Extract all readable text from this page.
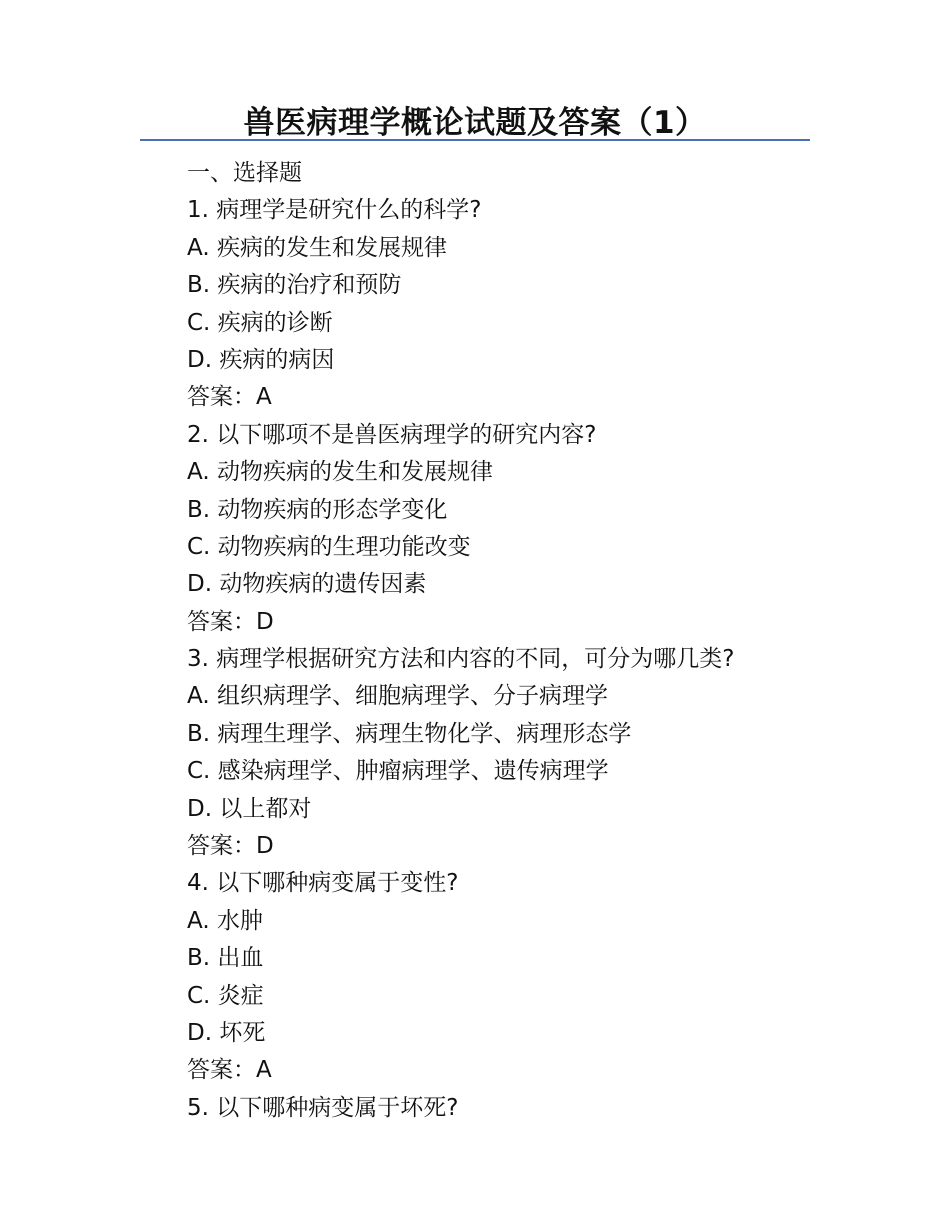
兽医病理学概论试题及答案（1）
一、选择题
1. 病理学是研究什么的科学?
A. 疾病的发生和发展规律
B. 疾病的治疗和预防
C. 疾病的诊断
D. 疾病的病因
答案：A
2. 以下哪项不是兽医病理学的研究内容?
A. 动物疾病的发生和发展规律
B. 动物疾病的形态学变化
C. 动物疾病的生理功能改变
D. 动物疾病的遗传因素
答案：D
3. 病理学根据研究方法和内容的不同，可分为哪几类?
A. 组织病理学、细胞病理学、分子病理学
B. 病理生理学、病理生物化学、病理形态学
C. 感染病理学、肿瘤病理学、遗传病理学
D. 以上都对
答案：D
4. 以下哪种病变属于变性?
A. 水肿
B. 出血
C. 炎症
D. 坏死
答案：A
5. 以下哪种病变属于坏死?
